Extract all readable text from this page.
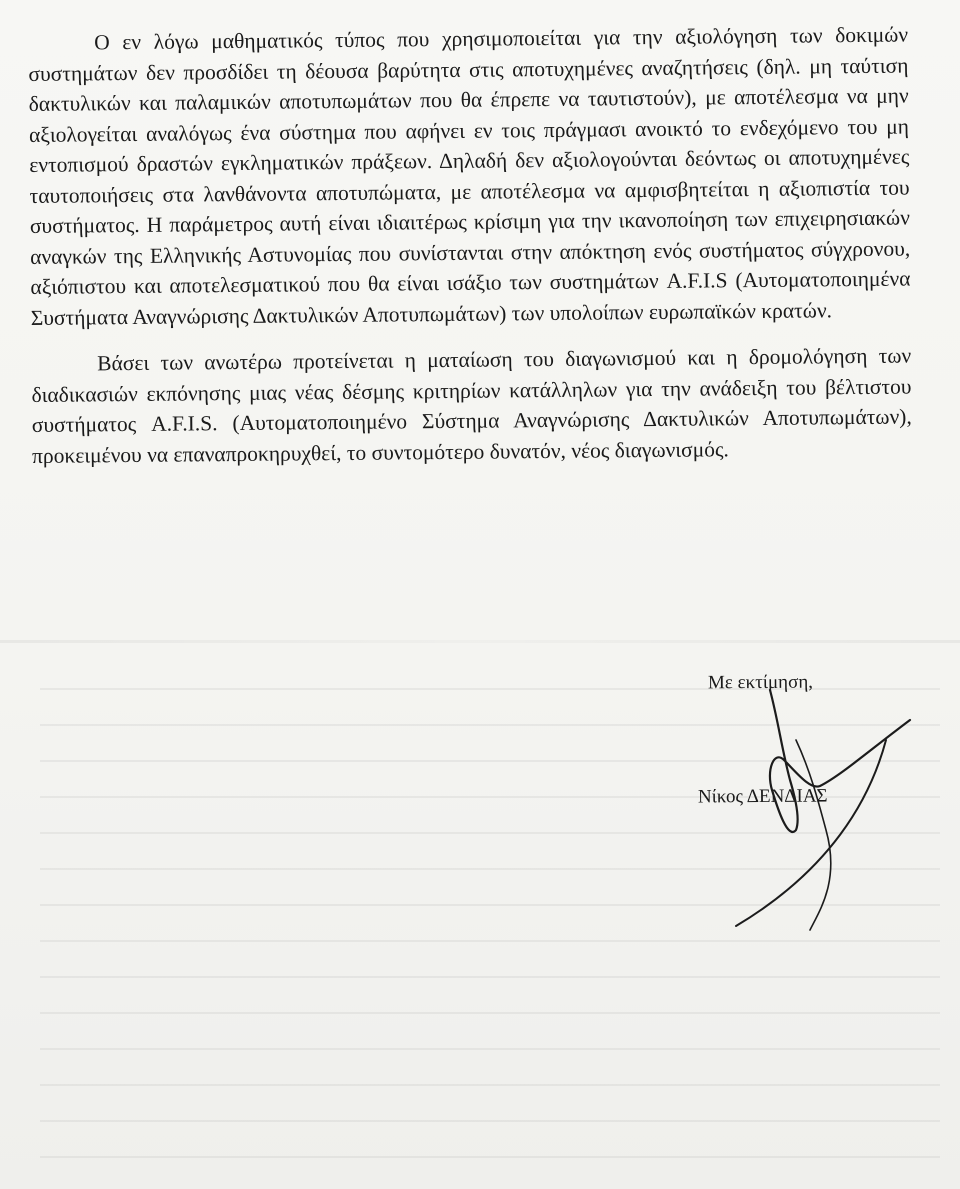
Ο εν λόγω μαθηματικός τύπος που χρησιμοποιείται για την αξιολόγηση των δοκιμών συστημάτων δεν προσδίδει τη δέουσα βαρύτητα στις αποτυχημένες αναζητήσεις (δηλ. μη ταύτιση δακτυλικών και παλαμικών αποτυπωμάτων που θα έπρεπε να ταυτιστούν), με αποτέλεσμα να μην αξιολογείται αναλόγως ένα σύστημα που αφήνει εν τοις πράγμασι ανοικτό το ενδεχόμενο του μη εντοπισμού δραστών εγκληματικών πράξεων. Δηλαδή δεν αξιολογούνται δεόντως οι αποτυχημένες ταυτοποιήσεις στα λανθάνοντα αποτυπώματα, με αποτέλεσμα να αμφισβητείται η αξιοπιστία του συστήματος. Η παράμετρος αυτή είναι ιδιαιτέρως κρίσιμη για την ικανοποίηση των επιχειρησιακών αναγκών της Ελληνικής Αστυνομίας που συνίστανται στην απόκτηση ενός συστήματος σύγχρονου, αξιόπιστου και αποτελεσματικού που θα είναι ισάξιο των συστημάτων A.F.I.S (Αυτοματοποιημένα Συστήματα Αναγνώρισης Δακτυλικών Αποτυπωμάτων) των υπολοίπων ευρωπαϊκών κρατών.

Βάσει των ανωτέρω προτείνεται η ματαίωση του διαγωνισμού και η δρομολόγηση των διαδικασιών εκπόνησης μιας νέας δέσμης κριτηρίων κατάλληλων για την ανάδειξη του βέλτιστου συστήματος A.F.I.S. (Αυτοματοποιημένο Σύστημα Αναγνώρισης Δακτυλικών Αποτυπωμάτων), προκειμένου να επαναπροκηρυχθεί, το συντομότερο δυνατόν, νέος διαγωνισμός.

Με εκτίμηση,
Νίκος ΔΕΝΔΙΑΣ
